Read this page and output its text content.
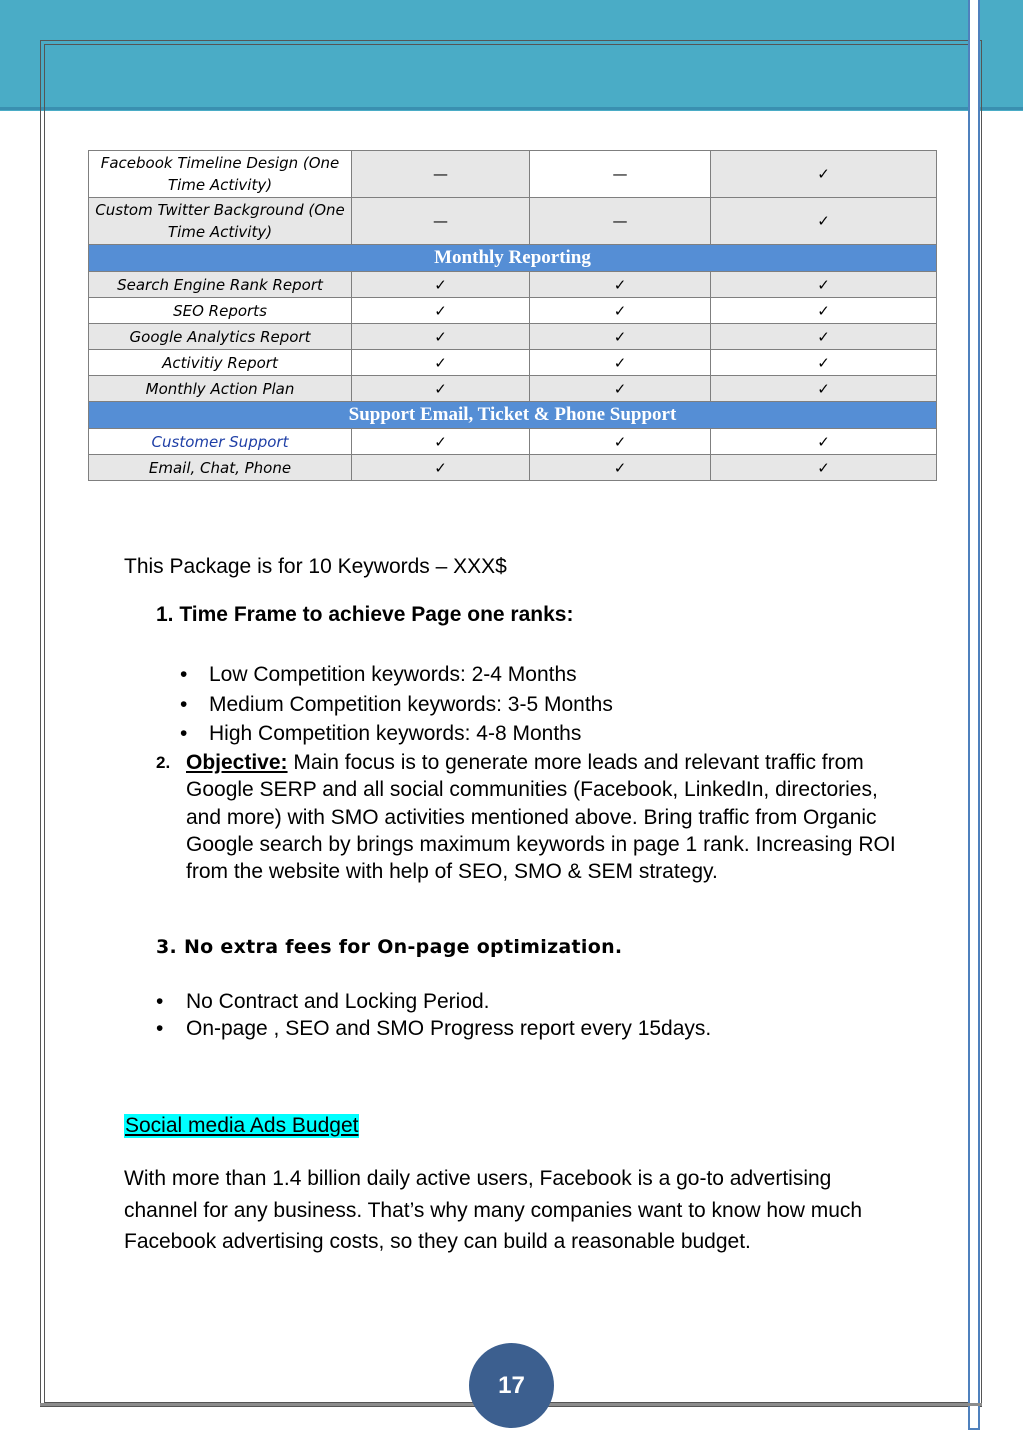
Facebook Timeline Design (One Time Activity)	—	—	✓
Custom Twitter Background (One Time Activity)	—	—	✓
Monthly Reporting			
Search Engine Rank Report	✓	✓	✓
SEO Reports	✓	✓	✓
Google Analytics Report	✓	✓	✓
Activitiy Report	✓	✓	✓
Monthly Action Plan	✓	✓	✓
Support Email, Ticket & Phone Support			
Customer Support	✓	✓	✓
Email, Chat, Phone	✓	✓	✓
This Package is for 10 Keywords – XXX$
1. Time Frame to achieve Page one ranks:
• Low Competition keywords: 2-4 Months
• Medium Competition keywords: 3-5 Months
• High Competition keywords: 4-8 Months
2. Objective: Main focus is to generate more leads and relevant traffic from Google SERP and all social communities (Facebook, LinkedIn, directories, and more) with SMO activities mentioned above. Bring traffic from Organic Google search by brings maximum keywords in page 1 rank. Increasing ROI from the website with help of SEO, SMO & SEM strategy.
3. No extra fees for On-page optimization.
• No Contract and Locking Period.
• On-page , SEO and SMO Progress report every 15days.
Social media Ads Budget
With more than 1.4 billion daily active users, Facebook is a go-to advertising channel for any business. That’s why many companies want to know how much Facebook advertising costs, so they can build a reasonable budget.
17
